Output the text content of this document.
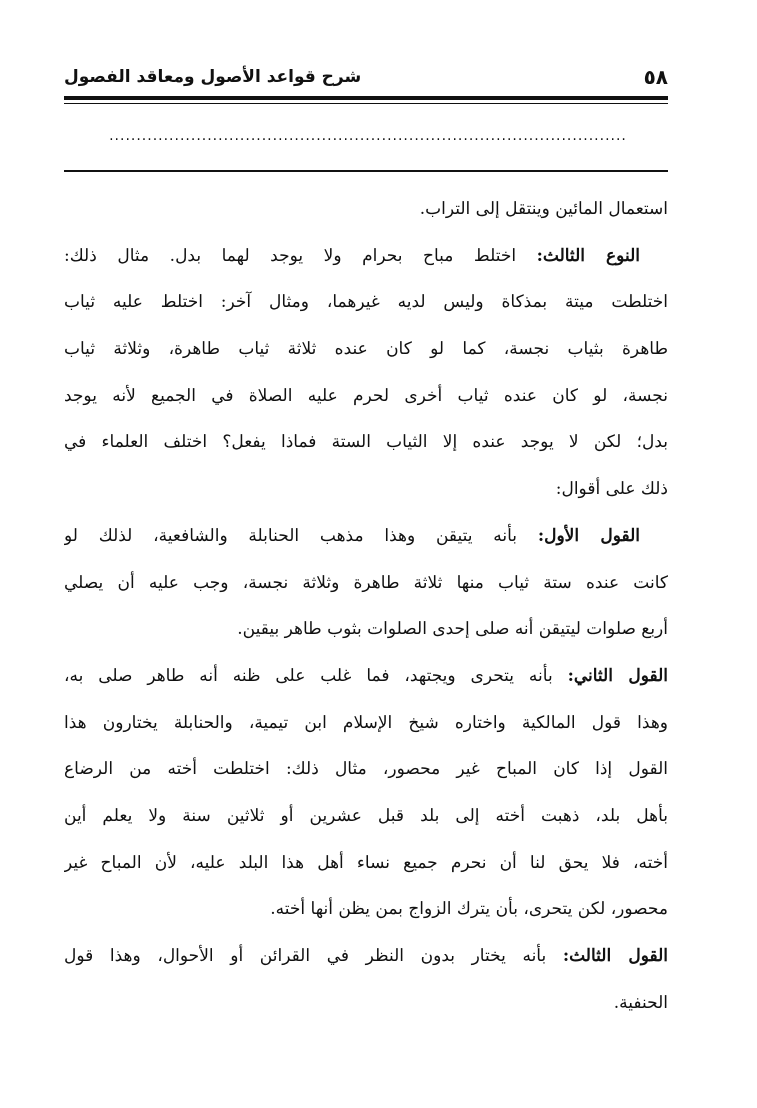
٥٨
شرح قواعد الأصول ومعاقد الفصول
...............................................................................................
استعمال المائين وينتقل إلى التراب.
النوع الثالث: اختلط مباح بحرام ولا يوجد لهما بدل. مثال ذلك:
اختلطت ميتة بمذكاة وليس لديه غيرهما، ومثال آخر: اختلط عليه ثياب
طاهرة بثياب نجسة، كما لو كان عنده ثلاثة ثياب طاهرة، وثلاثة ثياب
نجسة، لو كان عنده ثياب أخرى لحرم عليه الصلاة في الجميع لأنه يوجد
بدل؛ لكن لا يوجد عنده إلا الثياب الستة فماذا يفعل؟ اختلف العلماء في
ذلك على أقوال:
القول الأول: بأنه يتيقن وهذا مذهب الحنابلة والشافعية، لذلك لو
كانت عنده ستة ثياب منها ثلاثة طاهرة وثلاثة نجسة، وجب عليه أن يصلي
أربع صلوات ليتيقن أنه صلى إحدى الصلوات بثوب طاهر بيقين.
القول الثاني: بأنه يتحرى ويجتهد، فما غلب على ظنه أنه طاهر صلى به،
وهذا قول المالكية واختاره شيخ الإسلام ابن تيمية، والحنابلة يختارون هذا
القول إذا كان المباح غير محصور، مثال ذلك: اختلطت أخته من الرضاع
بأهل بلد، ذهبت أخته إلى بلد قبل عشرين أو ثلاثين سنة ولا يعلم أين
أخته، فلا يحق لنا أن نحرم جميع نساء أهل هذا البلد عليه، لأن المباح غير
محصور، لكن يتحرى، بأن يترك الزواج بمن يظن أنها أخته.
القول الثالث: بأنه يختار بدون النظر في القرائن أو الأحوال، وهذا قول
الحنفية.
